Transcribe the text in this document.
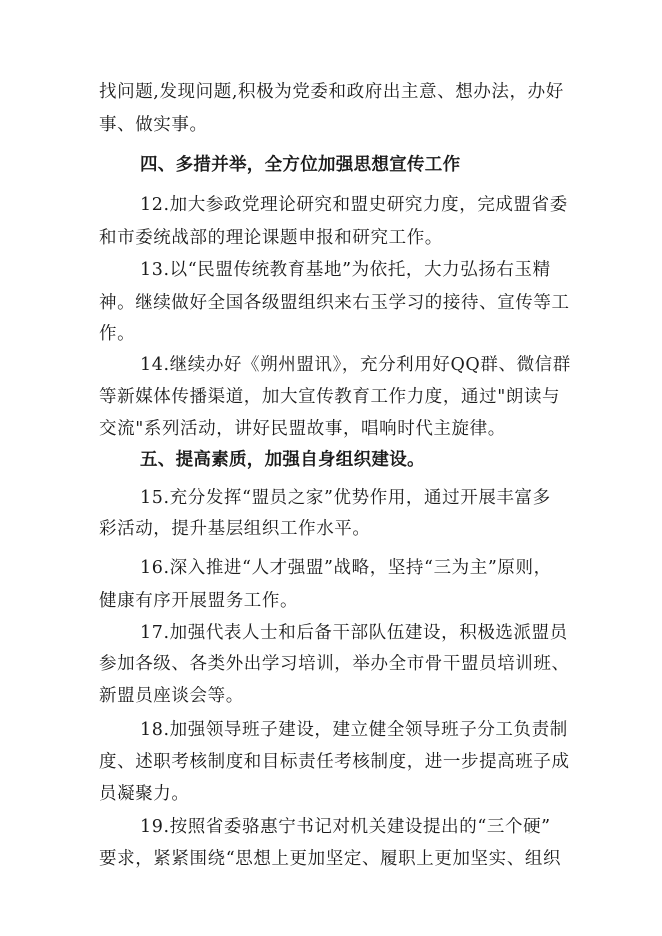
找问题,发现问题,积极为党委和政府出主意、想办法，办好
事、做实事。
四、多措并举，全方位加强思想宣传工作
12.加大参政党理论研究和盟史研究力度，完成盟省委
和市委统战部的理论课题申报和研究工作。
13.以“民盟传统教育基地”为依托，大力弘扬右玉精
神。继续做好全国各级盟组织来右玉学习的接待、宣传等工
作。
14.继续办好《朔州盟讯》，充分利用好QQ群、微信群
等新媒体传播渠道，加大宣传教育工作力度，通过"朗读与
交流"系列活动，讲好民盟故事，唱响时代主旋律。
五、提高素质，加强自身组织建设。
15.充分发挥“盟员之家”优势作用，通过开展丰富多
彩活动，提升基层组织工作水平。
16.深入推进“人才强盟”战略，坚持“三为主”原则，
健康有序开展盟务工作。
17.加强代表人士和后备干部队伍建设，积极选派盟员
参加各级、各类外出学习培训，举办全市骨干盟员培训班、
新盟员座谈会等。
18.加强领导班子建设，建立健全领导班子分工负责制
度、述职考核制度和目标责任考核制度，进一步提高班子成
员凝聚力。
19.按照省委骆惠宁书记对机关建设提出的“三个硬”
要求，紧紧围绕“思想上更加坚定、履职上更加坚实、组织
